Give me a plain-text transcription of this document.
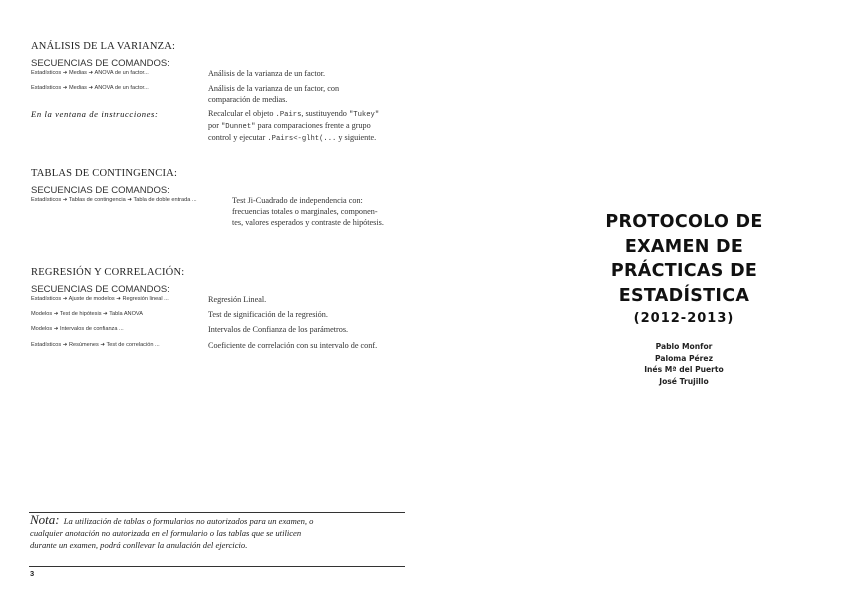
ANÁLISIS DE LA VARIANZA:
SECUENCIAS DE COMANDOS:
Estadísticos ➜ Medias ➜ ANOVA de un factor...	Análisis de la varianza de un factor.
Estadísticos ➜ Medias ➜ ANOVA de un factor...	Análisis de la varianza de un factor, con
comparación de medias.
En la ventana de instrucciones:	Recalcular el objeto .Pairs, sustituyendo "Tukey"
por "Dunnet" para comparaciones frente a grupo
control y ejecutar .Pairs<-glht(... y siguiente.
TABLAS DE CONTINGENCIA:
SECUENCIAS DE COMANDOS:
Estadísticos ➜ Tablas de contingencia ➜ Tabla de doble entrada ...	Test Ji-Cuadrado de independencia con:
frecuencias totales o marginales, componen-
tes, valores esperados y contraste de hipótesis.
REGRESIÓN Y CORRELACIÓN:
SECUENCIAS DE COMANDOS:
Estadísticos ➜ Ajuste de modelos ➜ Regresión lineal ...	Regresión Lineal.
Modelos ➜ Test de hipótesis ➜ Tabla ANOVA	Test de significación de la regresión.
Modelos ➜ Intervalos de confianza ...	Intervalos de Confianza de los parámetros.
Estadísticos ➜ Resúmenes ➜ Test de correlación ...	Coeficiente de correlación con su intervalo de conf.
Nota: La utilización de tablas o formularios no autorizados para un examen, o
cualquier anotación no autorizada en el formulario o las tablas que se utilicen
durante un examen, podrá conllevar la anulación del ejercicio.
3
PROTOCOLO DE
EXAMEN DE
PRÁCTICAS DE
ESTADÍSTICA
(2012-2013)
Pablo Monfor
Paloma Pérez
Inés Mª del Puerto
José Trujillo
